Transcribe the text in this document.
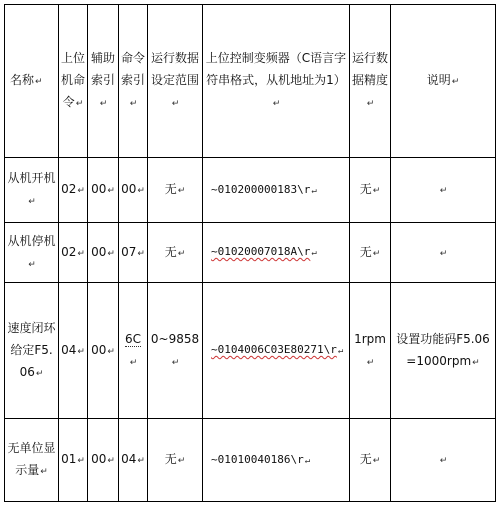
名称↵	上位机命令↵	辅助索引↵	命令索引↵	运行数据设定范围↵	上位控制变频器（C语言字符串格式，从机地址为1）↵	运行数据精度↵	说明↵
从机开机↵	02↵	00↵	00↵	无↵	~010200000183\r↵	无↵	↵
从机停机↵	02↵	00↵	07↵	无↵	~01020007018A\r↵	无↵	↵
速度闭环给定F5.06↵	04↵	00↵	6C↵	0~9858↵	~0104006C03E80271\r↵	1rpm↵	设置功能码F5.06=1000rpm↵
无单位显示量↵	01↵	00↵	04↵	无↵	~01010040186\r↵	无↵	↵
